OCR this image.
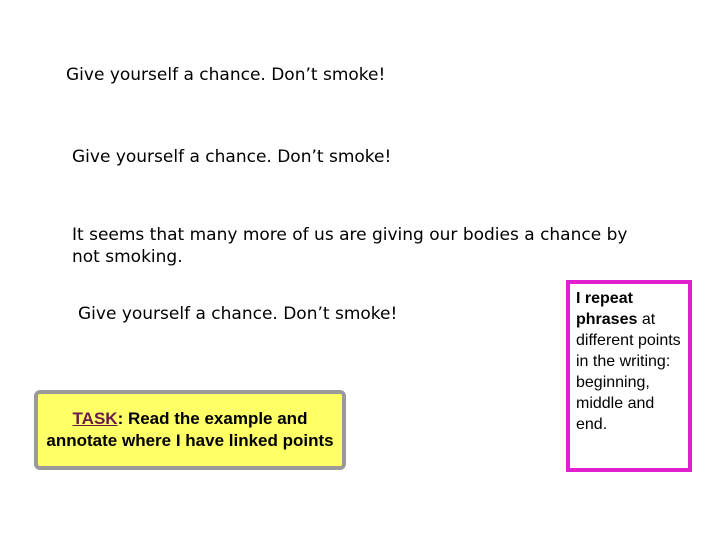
Give yourself a chance. Don’t smoke!

Give yourself a chance. Don’t smoke!

It seems that many more of us are giving our bodies a chance by not smoking.

Give yourself a chance. Don’t smoke!

TASK: Read the example and annotate where I have linked points
I repeat phrases at different points in the writing: beginning, middle and end.
